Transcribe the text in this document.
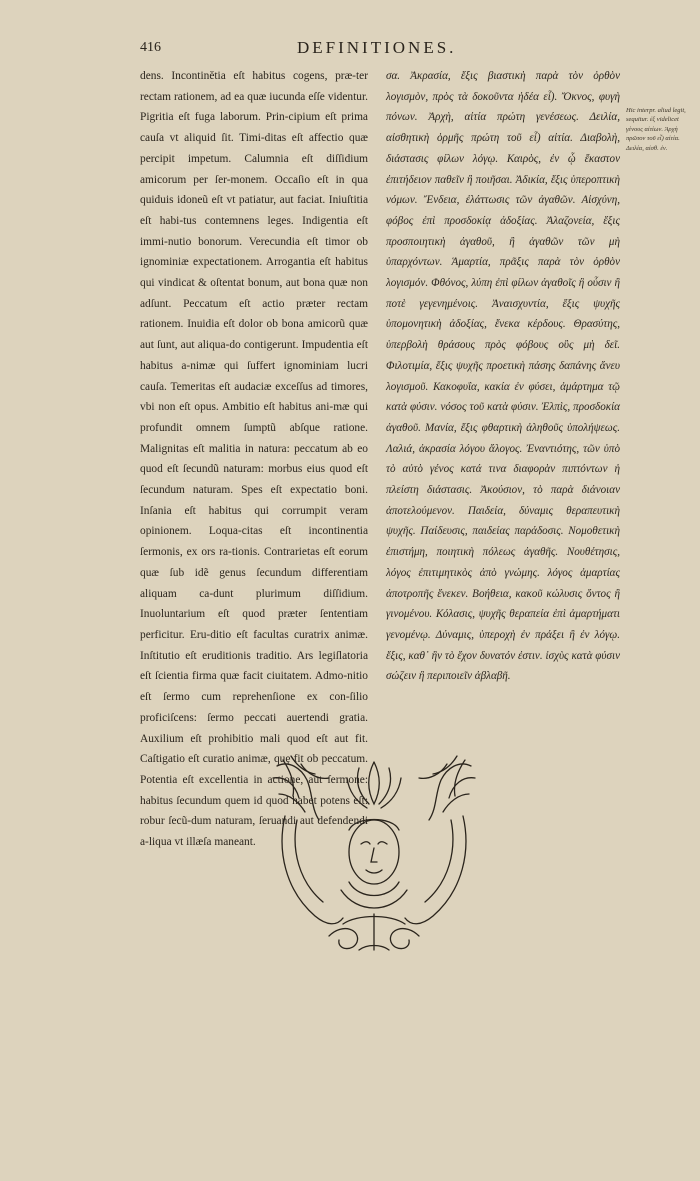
416	DEFINITIONES.

dens. Incontinĕtia eſt habitus cogens, præ-ter rectam rationem, ad ea quæ iucunda eſſe videntur. Pigritia eſt fuga laborum. Prin-cipium eſt prima cauſa vt aliquid ſit. Timi-ditas eſt affectio quæ percipit impetum. Calumnia eſt diſſidium amicorum per ſer-monem. Occaſio eſt in qua quiduis idoneũ eſt vt patiatur, aut faciat. Iniuſtitia eſt habi-tus contemnens leges. Indigentia eſt immi-nutio bonorum. Verecundia eſt timor ob ignominiæ expectationem. Arrogantia eſt habitus qui vindicat & oſtentat bonum, aut bona quæ non adſunt. Peccatum eſt actio præter rectam rationem. Inuidia eſt dolor ob bona amicorũ quæ aut ſunt, aut aliqua-do contigerunt. Impudentia eſt habitus a-nimæ qui ſuffert ignominiam lucri cauſa. Temeritas eſt audaciæ exceſſus ad timores, vbi non eſt opus. Ambitio eſt habitus ani-mæ qui profundit omnem ſumptũ abſque ratione. Malignitas eſt malitia in natura: peccatum ab eo quod eſt ſecundũ naturam: morbus eius quod eſt ſecundum naturam. Spes eſt expectatio boni. Inſania eſt habitus qui corrumpit veram opinionem. Loqua-citas eſt incontinentia ſermonis, ex ors ra-tionis. Contrarietas eſt eorum quæ ſub idẽ genus ſecundum differentiam aliquam ca-dunt plurimum diſſidium. Inuoluntarium eſt quod præter ſententiam perficitur. Eru-ditio eſt facultas curatrix animæ. Inſtitutio eſt eruditionis traditio. Ars legiſlatoria eſt ſcientia firma quæ facit ciuitatem. Admo-nitio eſt ſermo cum reprehenſione ex con-ſilio proficiſcens: ſermo peccati auertendi gratia. Auxilium eſt prohibitio mali quod eſt aut fit. Caſtigatio eſt curatio animæ, quę fit ob peccatum. Potentia eſt excellentia in actione, aut ſermone: habitus ſecundum quem id quod habet potens eſt: robur ſecũ-dum naturam, ſeruandi aut defendendi a-liqua vt illæſa maneant.

σα. Ἀκρασία, ἕξις βιαστικὴ παρὰ τὸν ὀρθὸν λογισμὸν, πρὸς τὰ δοκοῦντα ἡδέα εἶ). Ὄκνος, φυγὴ πόνων. Ἀρχὴ, αἰτία πρώτη γενέσεως. Δειλία, αἰσθητικὴ ὁρμῆς πρώτη τοῦ εἶ) αἰτία. Διαβολὴ, διάστασις φίλων λόγῳ. Καιρὸς, ἐν ᾧ ἕκαστον ἐπιτήδειον παθεῖν ἢ ποιῆσαι. Ἀδικία, ἕξις ὑπεροπτικὴ νόμων. Ἔνδεια, ἐλάττωσις τῶν ἀγαθῶν. Αἰσχύνη, φόβος ἐπὶ προσδοκίᾳ ἀδοξίας. Ἀλαζονεία, ἕξις προσποιητικὴ ἀγαθοῦ, ἢ ἀγαθῶν τῶν μὴ ὑπαρχόντων. Ἁμαρτία, πρᾶξις παρὰ τὸν ὀρθὸν λογισμόν. Φθόνος, λύπη ἐπὶ φίλων ἀγαθοῖς ἢ οὖσιν ἢ ποτὲ γεγενημένοις. Ἀναισχυντία, ἕξις ψυχῆς ὑπομονητικὴ ἀδοξίας, ἕνεκα κέρδους. Θρασύτης, ὑπερβολὴ θράσους πρὸς φόβους οὓς μὴ δεῖ. Φιλοτιμία, ἕξις ψυχῆς προετικὴ πάσης δαπάνης ἄνευ λογισμοῦ. Κακοφυΐα, κακία ἐν φύσει, ἁμάρτημα τῷ κατὰ φύσιν. νόσος τοῦ κατὰ φύσιν. Ἐλπὶς, προσδοκία ἀγαθοῦ. Μανία, ἕξις φθαρτικὴ ἀληθοῦς ὑπολήψεως. Λαλιά, ἀκρασία λόγου ἄλογος. Ἐναντιότης, τῶν ὑπὸ τὸ αὐτὸ γένος κατά τινα διαφορὰν πιπτόντων ἡ πλείστη διάστασις. Ἀκούσιον, τὸ παρὰ διάνοιαν ἀποτελούμενον. Παιδεία, δύναμις θεραπευτικὴ ψυχῆς. Παίδευσις, παιδείας παράδοσις. Νομοθετικὴ ἐπιστήμη, ποιητικὴ πόλεως ἀγαθῆς. Νουθέτησις, λόγος ἐπιτιμητικὸς ἀπὸ γνώμης. λόγος ἁμαρτίας ἀποτροπῆς ἕνεκεν. Βοήθεια, κακοῦ κώλυσις ὄντος ἢ γινομένου. Κόλασις, ψυχῆς θεραπεία ἐπὶ ἁμαρτήματι γενομένῳ. Δύναμις, ὑπεροχὴ ἐν πράξει ἢ ἐν λόγῳ. ἕξις, καθ᾽ ἣν τὸ ἔχον δυνατόν ἐστιν. ἰσχὺς κατὰ φύσιν σώζειν ἢ περιποιεῖν ἀβλαβῆ.

Hic interpr. aliud legit, sequitur. ἐξ videlicet γένους αἰτίων. Ἀρχὴ πρῶτον τοῦ εἶ) αἰτία. Δειλία, αἰσθ. ἐν.
